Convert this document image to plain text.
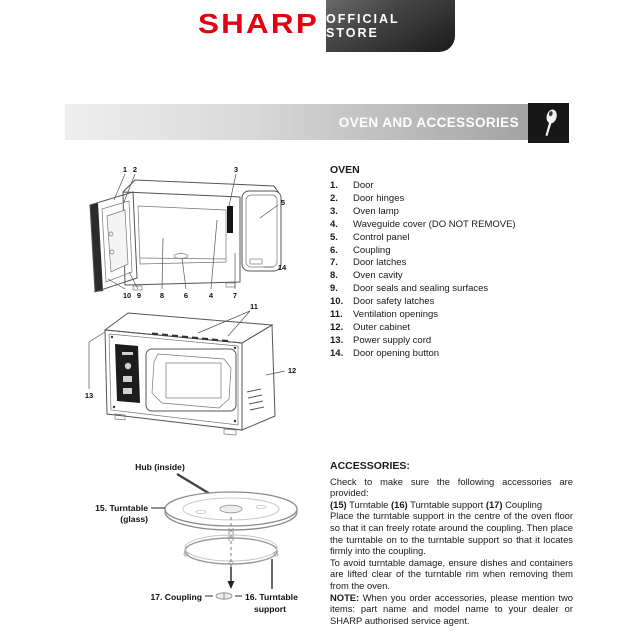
SHARP OFFICIAL STORE
OVEN AND ACCESSORIES
1 2	3
5
14
10 9	8	6	4	7
11
12
13
Hub (inside)
15. Turntable
(glass)
17. Coupling	16. Turntable
support
OVEN
1.	Door
2.	Door hinges
3.	Oven lamp
4.	Waveguide cover (DO NOT REMOVE)
5.	Control panel
6.	Coupling
7.	Door latches
8.	Oven cavity
9.	Door seals and sealing surfaces
10.	Door safety latches
11.	Ventilation openings
12.	Outer cabinet
13.	Power supply cord
14.	Door opening button
ACCESSORIES:

Check to make sure the following accessories are provided:

(15) Turntable (16) Turntable support (17) Coupling

Place the turntable support in the centre of the oven floor so that it can freely rotate around the coupling. Then place the turntable on to the turntable support so that it locates firmly into the coupling.

To avoid turntable damage, ensure dishes and containers are lifted clear of the turntable rim when removing them from the oven.

NOTE: When you order accessories, please mention two items: part name and model name to your dealer or SHARP authorised service agent.
